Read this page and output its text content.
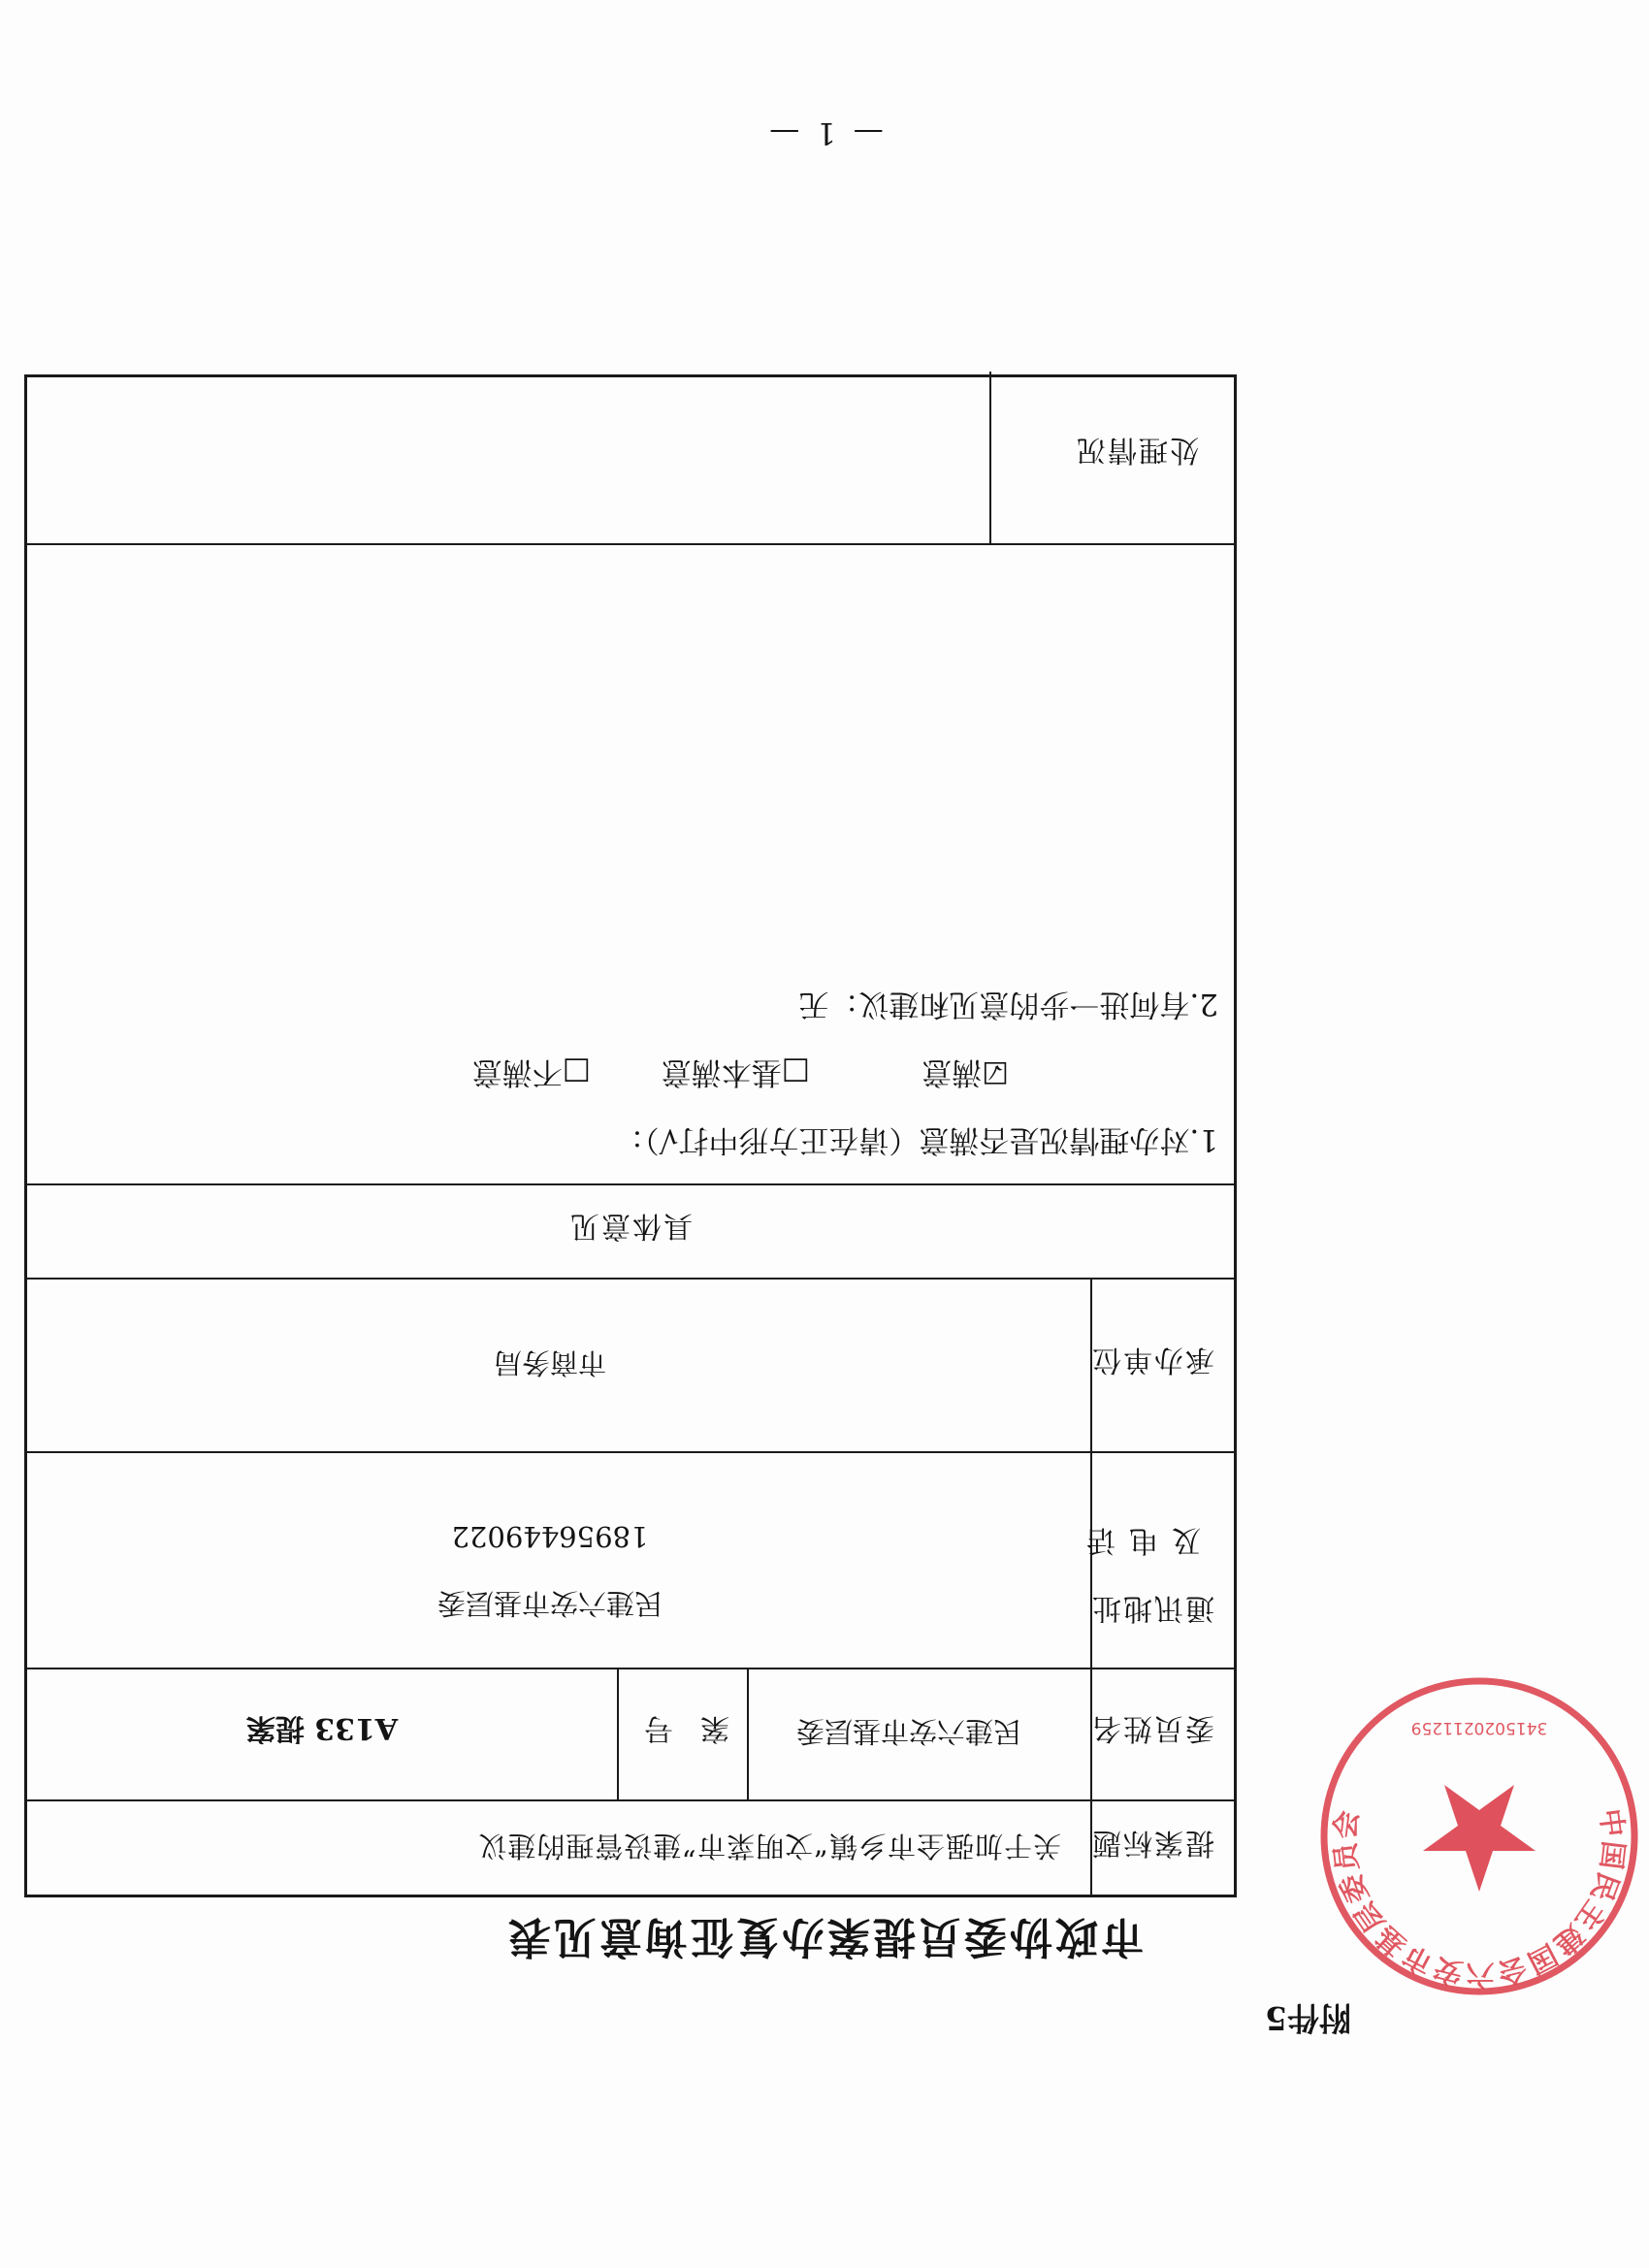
附件5
市政协委员提案办复征询意见表
提案标题
关于加强全市乡镇“文明菜市”建设管理的建议
委员姓名
民建六安市基层委
案号
A133 提案
通讯地址
及电话
民建六安市基层委
18956449022
承办单位
市商务局
具体意见
1.对办理情况是否满意（请在正方形中打√）：
☑满意
□基本满意
□不满意
2.有何进一步的意见和建议：无
处理情况
— 1 —
中国民主建国会六安市基层委员会
3415020211259
